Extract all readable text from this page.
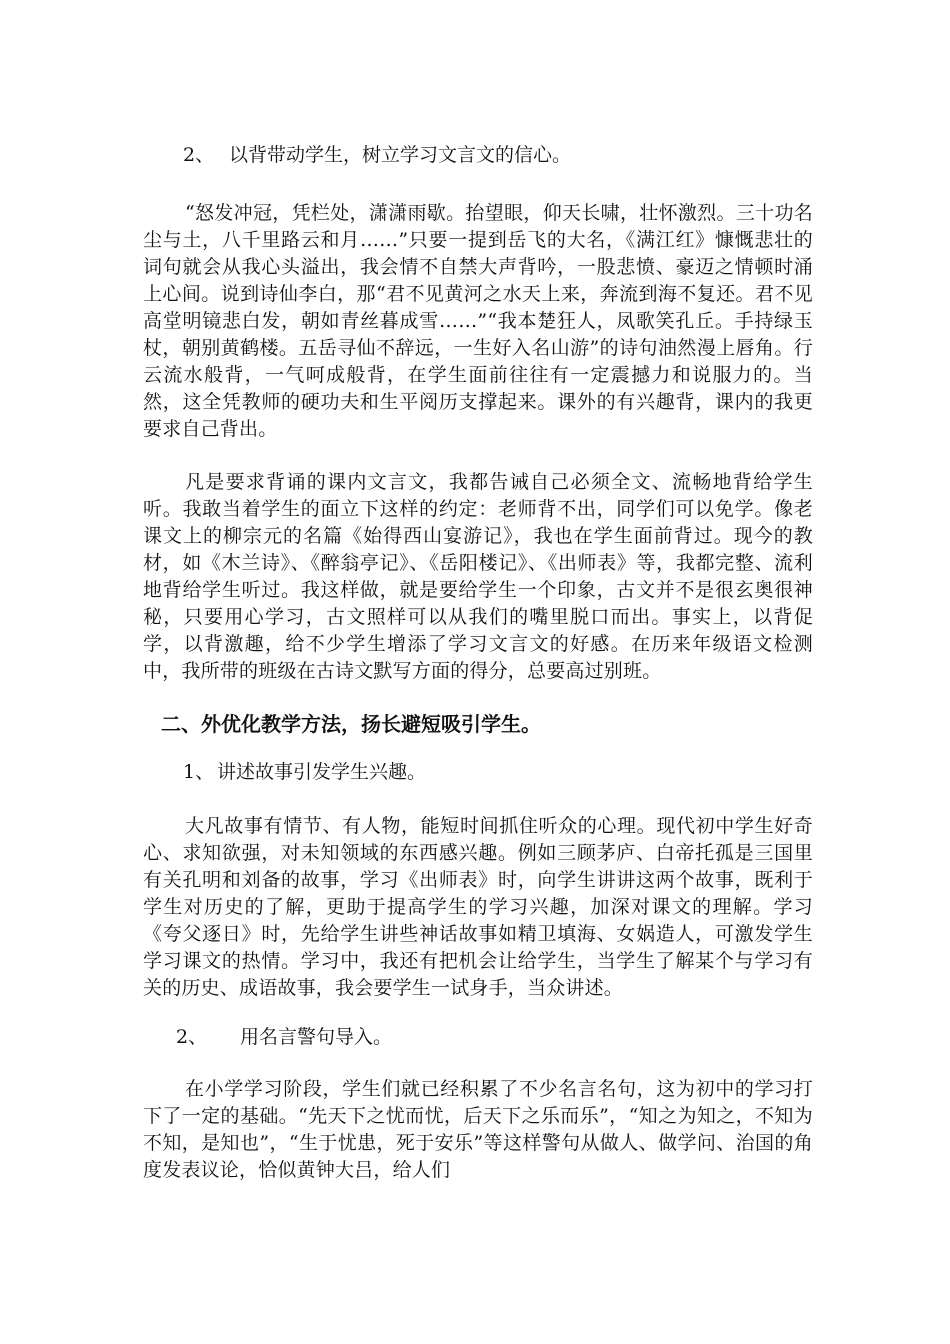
2、 以背带动学生，树立学习文言文的信心。

“怒发冲冠，凭栏处，潇潇雨歇。抬望眼，仰天长啸，壮怀激烈。三十功名尘与土，八千里路云和月……”只要一提到岳飞的大名，《满江红》慷慨悲壮的词句就会从我心头溢出，我会情不自禁大声背吟，一股悲愤、豪迈之情顿时涌上心间。说到诗仙李白，那“君不见黄河之水天上来，奔流到海不复还。君不见高堂明镜悲白发，朝如青丝暮成雪……”“我本楚狂人，凤歌笑孔丘。手持绿玉杖，朝别黄鹤楼。五岳寻仙不辞远，一生好入名山游”的诗句油然漫上唇角。行云流水般背，一气呵成般背，在学生面前往往有一定震撼力和说服力的。当然，这全凭教师的硬功夫和生平阅历支撑起来。课外的有兴趣背，课内的我更要求自己背出。

凡是要求背诵的课内文言文，我都告诫自己必须全文、流畅地背给学生听。我敢当着学生的面立下这样的约定：老师背不出，同学们可以免学。像老课文上的柳宗元的名篇《始得西山宴游记》，我也在学生面前背过。现今的教材，如《木兰诗》、《醉翁亭记》、《岳阳楼记》、《出师表》等，我都完整、流利地背给学生听过。我这样做，就是要给学生一个印象，古文并不是很玄奥很神秘，只要用心学习，古文照样可以从我们的嘴里脱口而出。事实上，以背促学，以背激趣，给不少学生增添了学习文言文的好感。在历来年级语文检测中，我所带的班级在古诗文默写方面的得分，总要高过别班。

二、外优化教学方法，扬长避短吸引学生。

1、 讲述故事引发学生兴趣。

大凡故事有情节、有人物，能短时间抓住听众的心理。现代初中学生好奇心、求知欲强，对未知领域的东西感兴趣。例如三顾茅庐、白帝托孤是三国里有关孔明和刘备的故事，学习《出师表》时，向学生讲讲这两个故事，既利于学生对历史的了解，更助于提高学生的学习兴趣，加深对课文的理解。学习《夸父逐日》时，先给学生讲些神话故事如精卫填海、女娲造人，可激发学生学习课文的热情。学习中，我还有把机会让给学生，当学生了解某个与学习有关的历史、成语故事，我会要学生一试身手，当众讲述。

2、 用名言警句导入。

在小学学习阶段，学生们就已经积累了不少名言名句，这为初中的学习打下了一定的基础。“先天下之忧而忧，后天下之乐而乐”，“知之为知之，不知为不知，是知也”，“生于忧患，死于安乐”等这样警句从做人、做学问、治国的角度发表议论，恰似黄钟大吕，给人们
